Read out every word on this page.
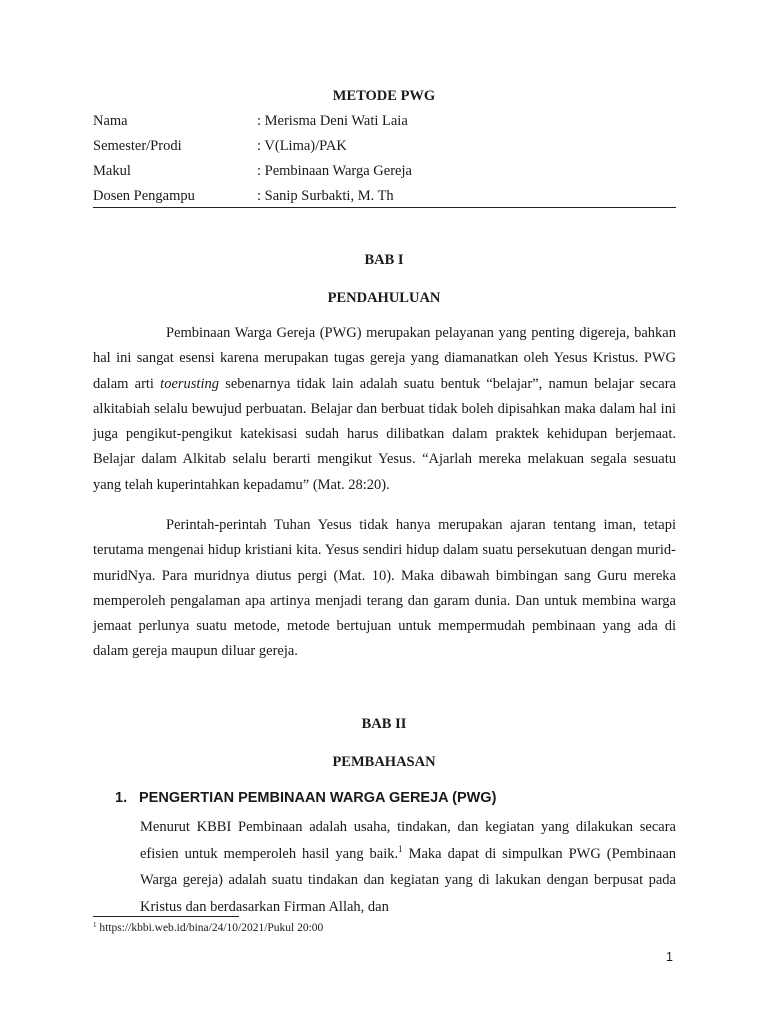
METODE PWG
Nama	: Merisma Deni Wati Laia
Semester/Prodi	: V(Lima)/PAK
Makul	: Pembinaan Warga Gereja
Dosen Pengampu	: Sanip Surbakti, M. Th
BAB I
PENDAHULUAN
Pembinaan Warga Gereja (PWG) merupakan pelayanan yang penting digereja, bahkan hal ini sangat esensi karena merupakan tugas gereja yang diamanatkan oleh Yesus Kristus. PWG dalam arti toerusting sebenarnya tidak lain adalah suatu bentuk “belajar”, namun belajar secara alkitabiah selalu bewujud perbuatan. Belajar dan berbuat tidak boleh dipisahkan maka dalam hal ini juga pengikut-pengikut katekisasi sudah harus dilibatkan dalam praktek kehidupan berjemaat. Belajar dalam Alkitab selalu berarti mengikut Yesus. “Ajarlah mereka melakuan segala sesuatu yang telah kuperintahkan kepadamu” (Mat. 28:20).
Perintah-perintah Tuhan Yesus tidak hanya merupakan ajaran tentang iman, tetapi terutama mengenai hidup kristiani kita. Yesus sendiri hidup dalam suatu persekutuan dengan murid-muridNya. Para muridnya diutus pergi (Mat. 10). Maka dibawah bimbingan sang Guru mereka memperoleh pengalaman apa artinya menjadi terang dan garam dunia. Dan untuk membina warga jemaat perlunya suatu metode, metode bertujuan untuk mempermudah pembinaan yang ada di dalam gereja maupun diluar gereja.
BAB II
PEMBAHASAN
1. PENGERTIAN PEMBINAAN WARGA GEREJA (PWG)
Menurut KBBI Pembinaan adalah usaha, tindakan, dan kegiatan yang dilakukan secara efisien untuk memperoleh hasil yang baik.$^1$ Maka dapat di simpulkan PWG (Pembinaan Warga gereja) adalah suatu tindakan dan kegiatan yang di lakukan dengan berpusat pada Kristus dan berdasarkan Firman Allah, dan
$^1$ https://kbbi.web.id/bina/24/10/2021/Pukul 20:00
1
